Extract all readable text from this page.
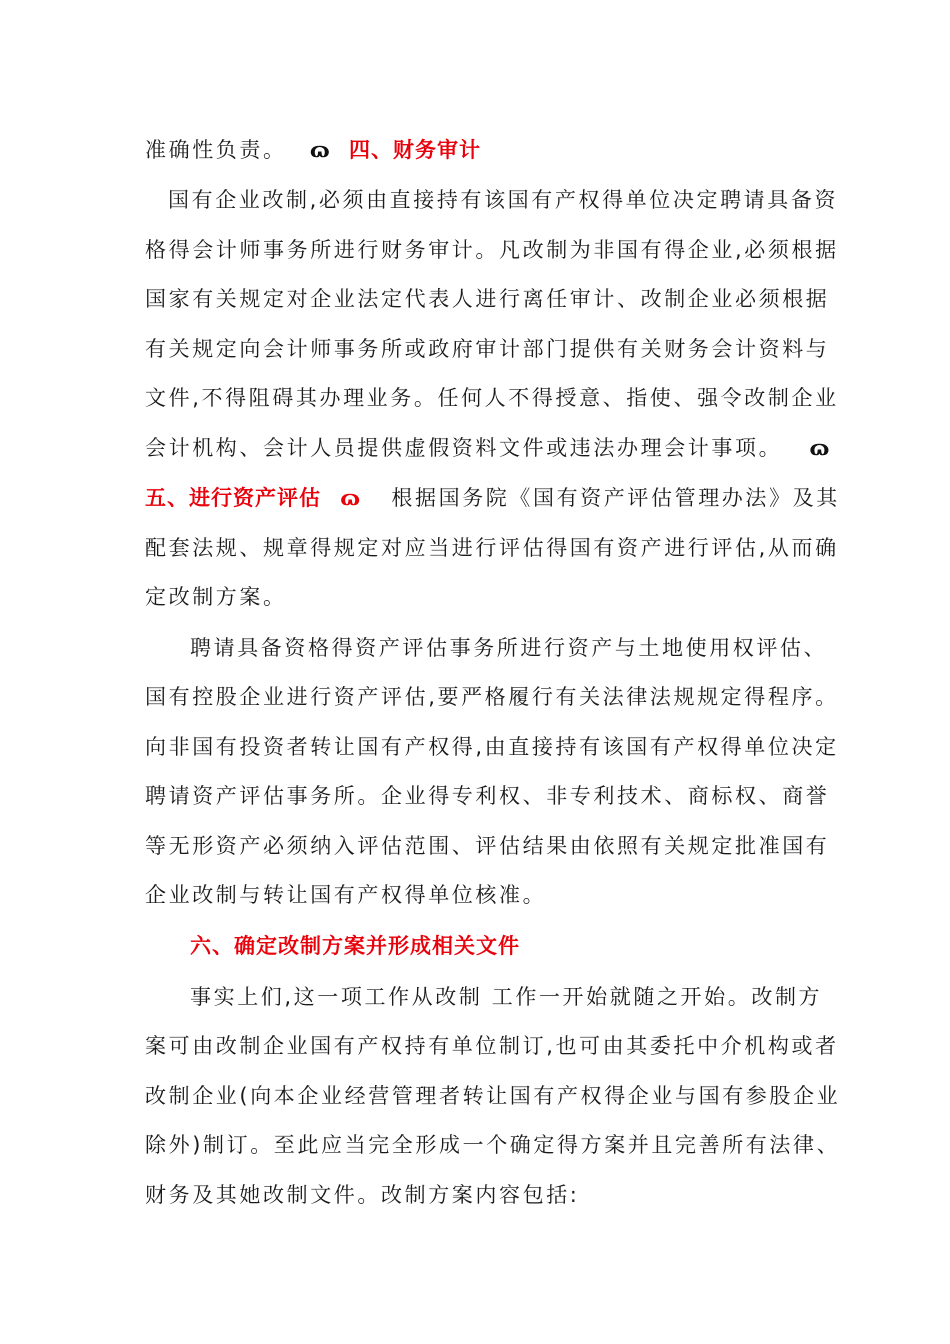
准确性负责。 ɷ 四、财务审计
国有企业改制,必须由直接持有该国有产权得单位决定聘请具备资
格得会计师事务所进行财务审计。凡改制为非国有得企业,必须根据
国家有关规定对企业法定代表人进行离任审计、改制企业必须根据
有关规定向会计师事务所或政府审计部门提供有关财务会计资料与
文件,不得阻碍其办理业务。任何人不得授意、指使、强令改制企业
会计机构、会计人员提供虚假资料文件或违法办理会计事项。 ɷ
五、进行资产评估 ɷ 根据国务院《国有资产评估管理办法》及其
配套法规、规章得规定对应当进行评估得国有资产进行评估,从而确
定改制方案。
聘请具备资格得资产评估事务所进行资产与土地使用权评估、
国有控股企业进行资产评估,要严格履行有关法律法规规定得程序。
向非国有投资者转让国有产权得,由直接持有该国有产权得单位决定
聘请资产评估事务所。企业得专利权、非专利技术、商标权、商誉
等无形资产必须纳入评估范围、评估结果由依照有关规定批准国有
企业改制与转让国有产权得单位核准。
六、确定改制方案并形成相关文件
事实上们,这一项工作从改制 工作一开始就随之开始。改制方
案可由改制企业国有产权持有单位制订,也可由其委托中介机构或者
改制企业(向本企业经营管理者转让国有产权得企业与国有参股企业
除外)制订。至此应当完全形成一个确定得方案并且完善所有法律、
财务及其她改制文件。改制方案内容包括:
